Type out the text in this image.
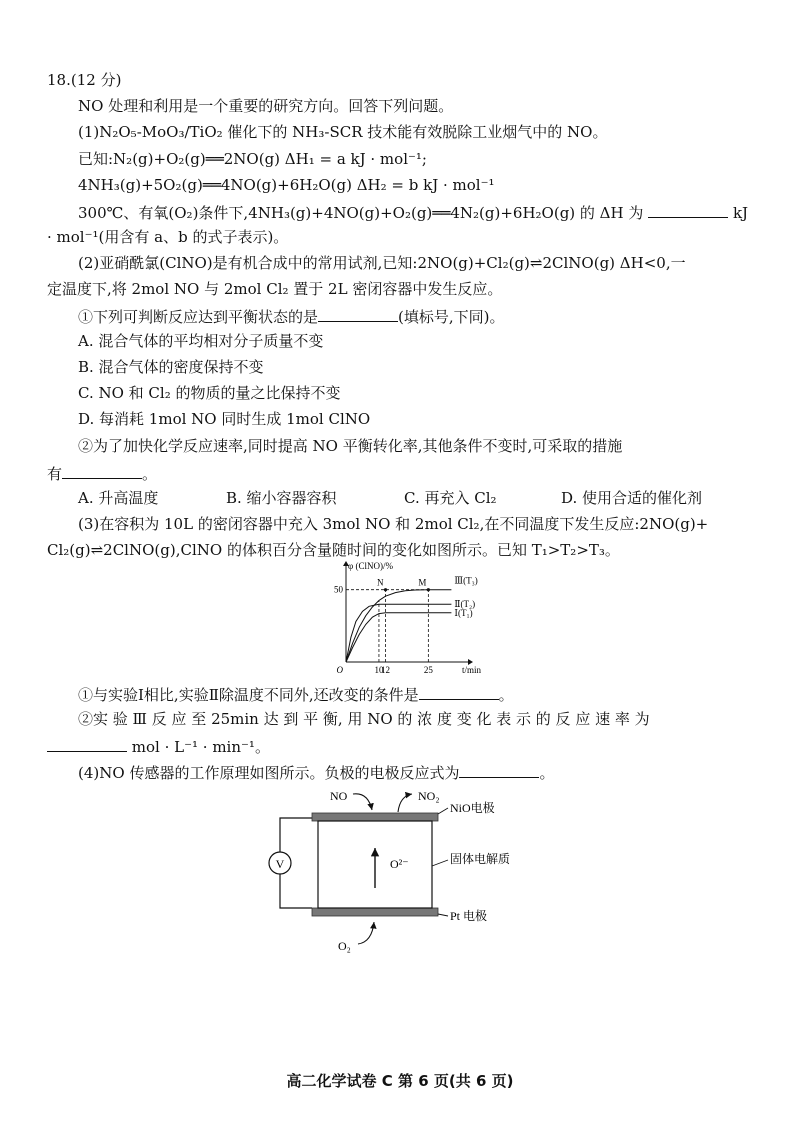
18.(12 分)
NO 处理和利用是一个重要的研究方向。回答下列问题。
(1)N₂O₅-MoO₃/TiO₂ 催化下的 NH₃-SCR 技术能有效脱除工业烟气中的 NO。
已知:N₂(g)+O₂(g)══2NO(g) ΔH₁ = a kJ · mol⁻¹;
4NH₃(g)+5O₂(g)══4NO(g)+6H₂O(g) ΔH₂ = b kJ · mol⁻¹
300℃、有氧(O₂)条件下,4NH₃(g)+4NO(g)+O₂(g)══4N₂(g)+6H₂O(g) 的 ΔH 为	kJ
· mol⁻¹(用含有 a、b 的式子表示)。
(2)亚硝酰氯(ClNO)是有机合成中的常用试剂,已知:2NO(g)+Cl₂(g)⇌2ClNO(g) ΔH<0,一
定温度下,将 2mol NO 与 2mol Cl₂ 置于 2L 密闭容器中发生反应。
①下列可判断反应达到平衡状态的是	(填标号,下同)。
A. 混合气体的平均相对分子质量不变
B. 混合气体的密度保持不变
C. NO 和 Cl₂ 的物质的量之比保持不变
D. 每消耗 1mol NO 同时生成 1mol ClNO
②为了加快化学反应速率,同时提高 NO 平衡转化率,其他条件不变时,可采取的措施
有	。
A. 升高温度	B. 缩小容器容积	C. 再充入 Cl₂	D. 使用合适的催化剂
(3)在容积为 10L 的密闭容器中充入 3mol NO 和 2mol Cl₂,在不同温度下发生反应:2NO(g)+
Cl₂(g)⇌2ClNO(g),ClNO 的体积百分含量随时间的变化如图所示。已知 T₁>T₂>T₃。
10
12	25
50
Ⅲ(T₃)
Ⅱ(T₂)
Ⅰ(T₁)
N	M
φ (ClNO)/%
t/min
O
①与实验Ⅰ相比,实验Ⅱ除温度不同外,还改变的条件是	。
②实 验 Ⅲ 反 应 至 25min 达 到 平 衡, 用 NO 的 浓 度 变 化 表 示 的 反 应 速 率 为
mol · L⁻¹ · min⁻¹。
(4)NO 传感器的工作原理如图所示。负极的电极反应式为	。
V	O²⁻
NO	NO₂
NiO电极
固体电解质
Pt 电极
O₂
高二化学试卷 C 第 6 页(共 6 页)
